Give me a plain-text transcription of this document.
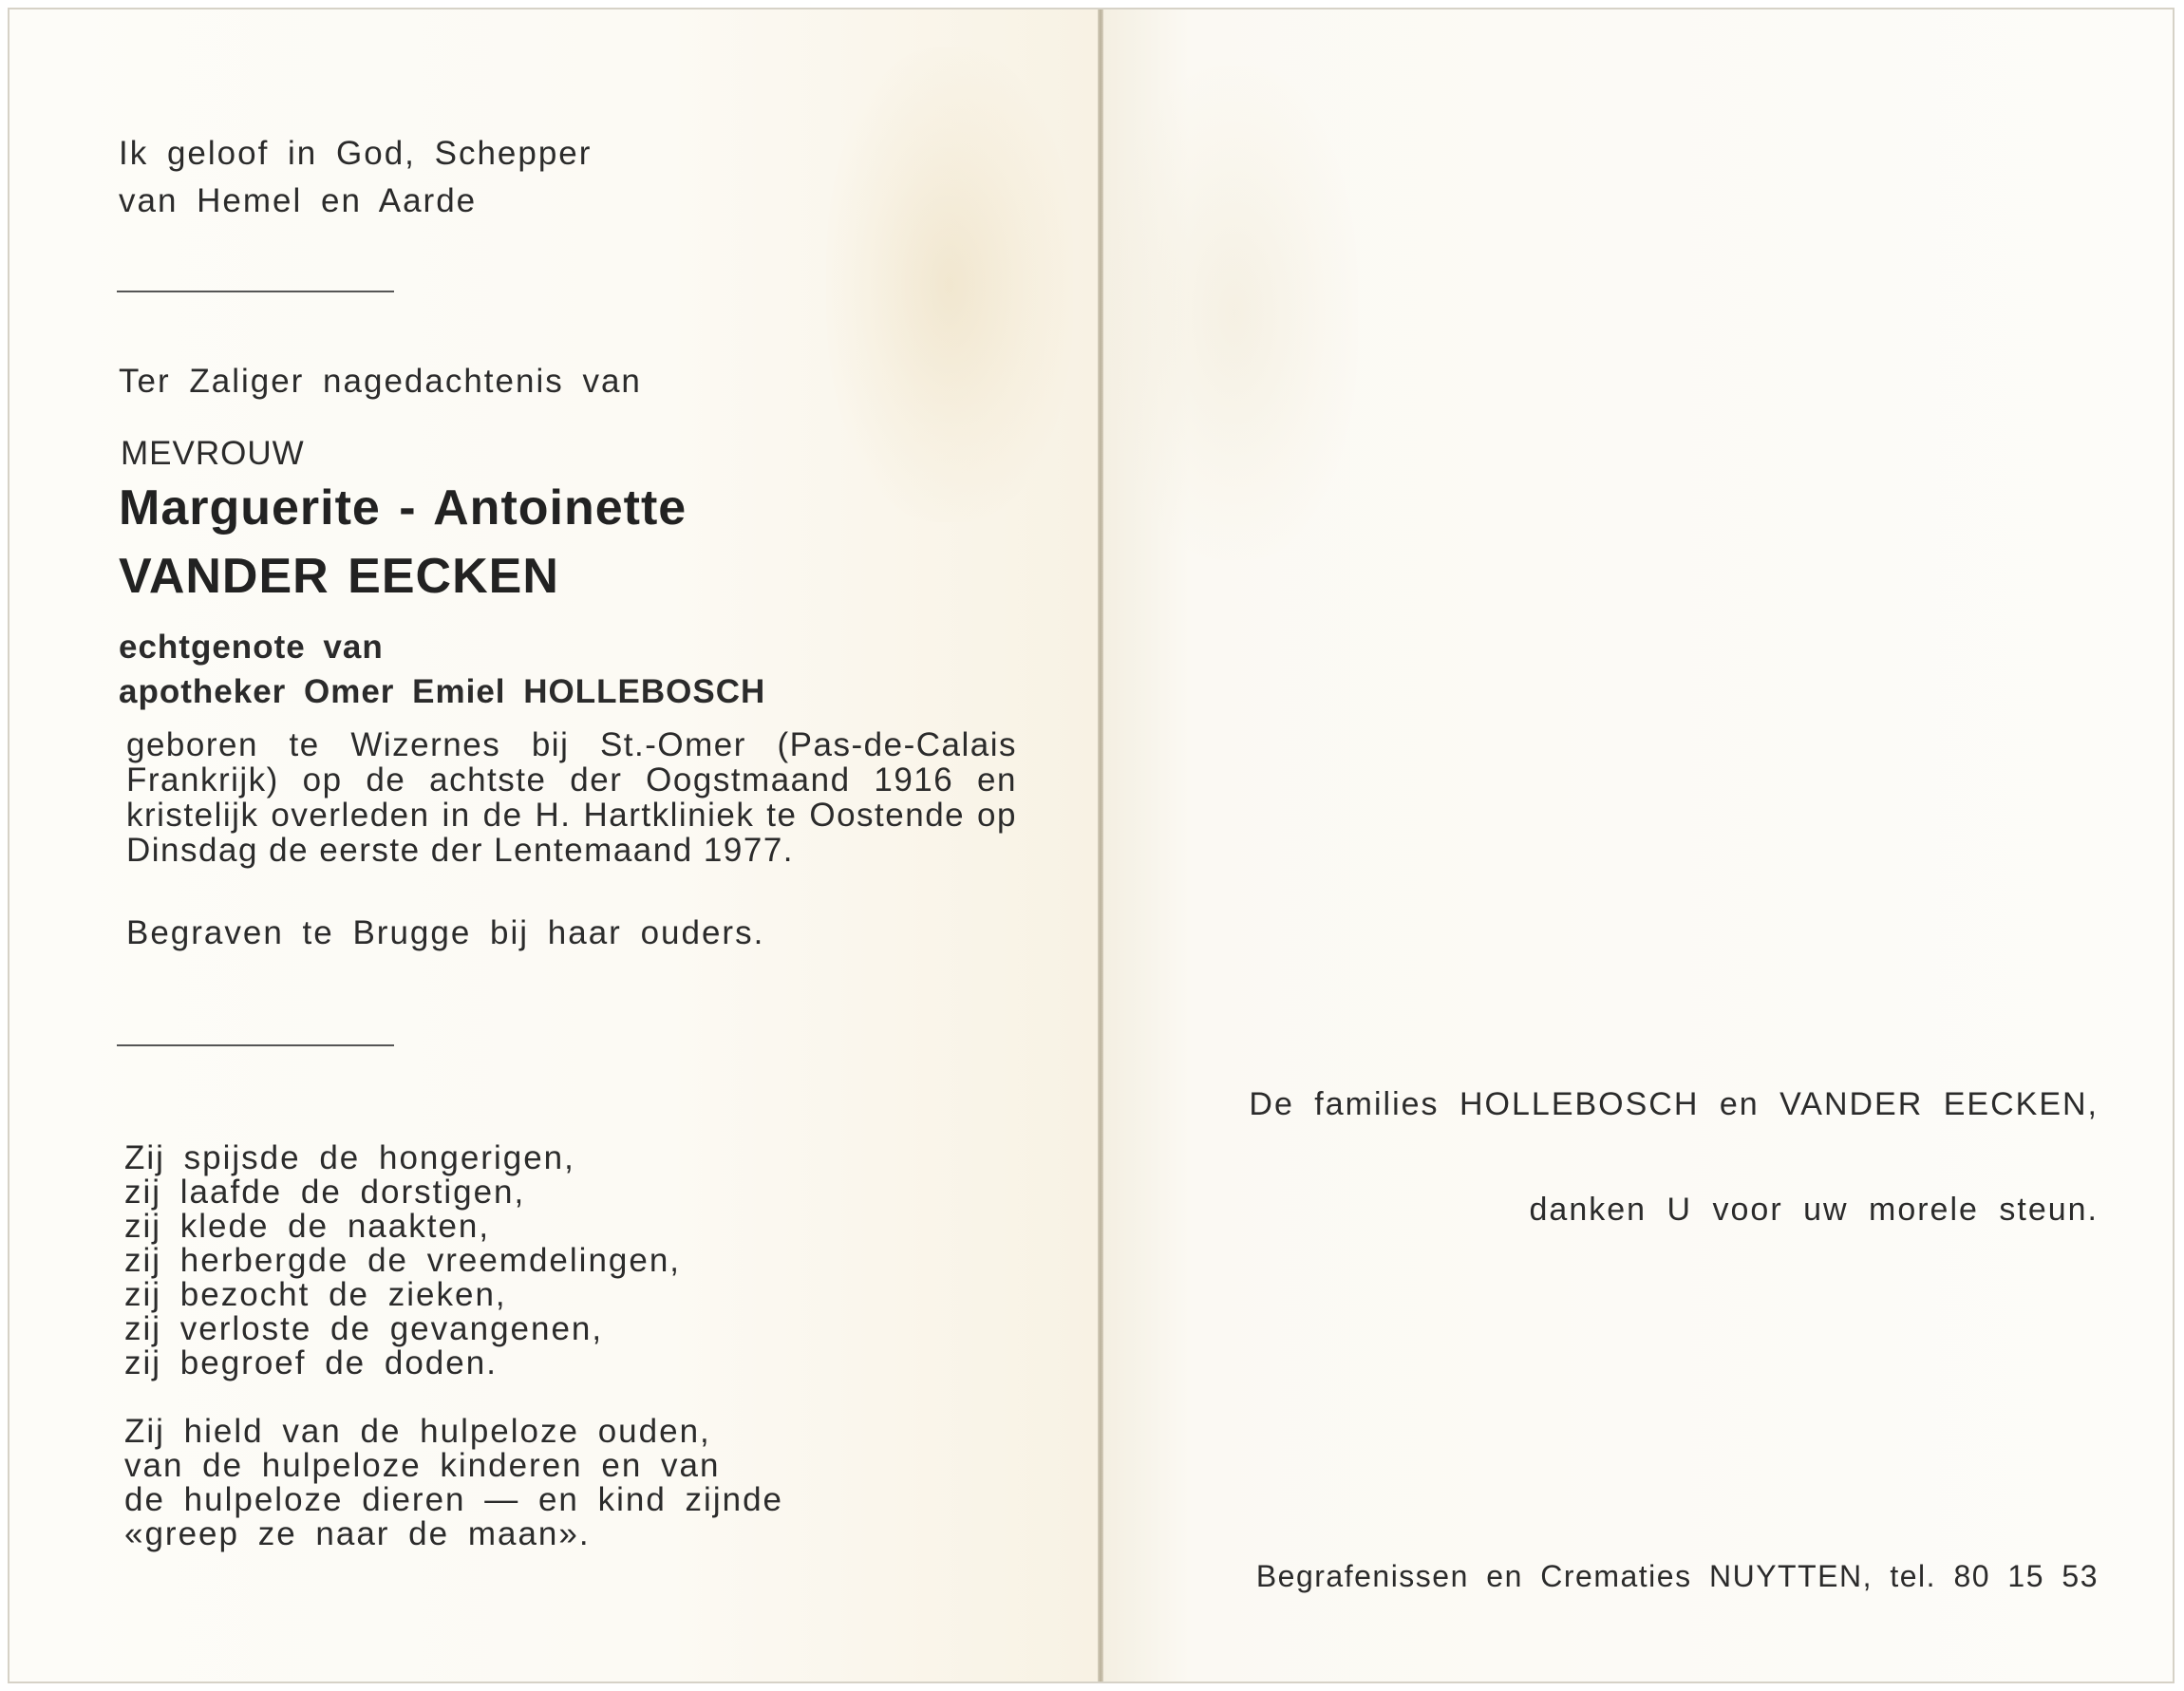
Ik geloof in God, Schepper
van Hemel en Aarde
Ter Zaliger nagedachtenis van
MEVROUW
Marguerite - Antoinette
VANDER EECKEN
echtgenote van
apotheker Omer Emiel HOLLEBOSCH
geboren te Wizernes bij St.-Omer (Pas-de-Calais Frankrijk) op de achtste der Oogstmaand 1916 en kristelijk overleden in de H. Hartkliniek te Oostende op Dinsdag de eerste der Lentemaand 1977.
Begraven te Brugge bij haar ouders.
Zij spijsde de hongerigen,
zij laafde de dorstigen,
zij klede de naakten,
zij herbergde de vreemdelingen,
zij bezocht de zieken,
zij verloste de gevangenen,
zij begroef de doden.
Zij hield van de hulpeloze ouden,
van de hulpeloze kinderen en van
de hulpeloze dieren — en kind zijnde
«greep ze naar de maan».
De families HOLLEBOSCH en VANDER EECKEN,
danken U voor uw morele steun.
Begrafenissen en Crematies NUYTTEN, tel. 80 15 53
